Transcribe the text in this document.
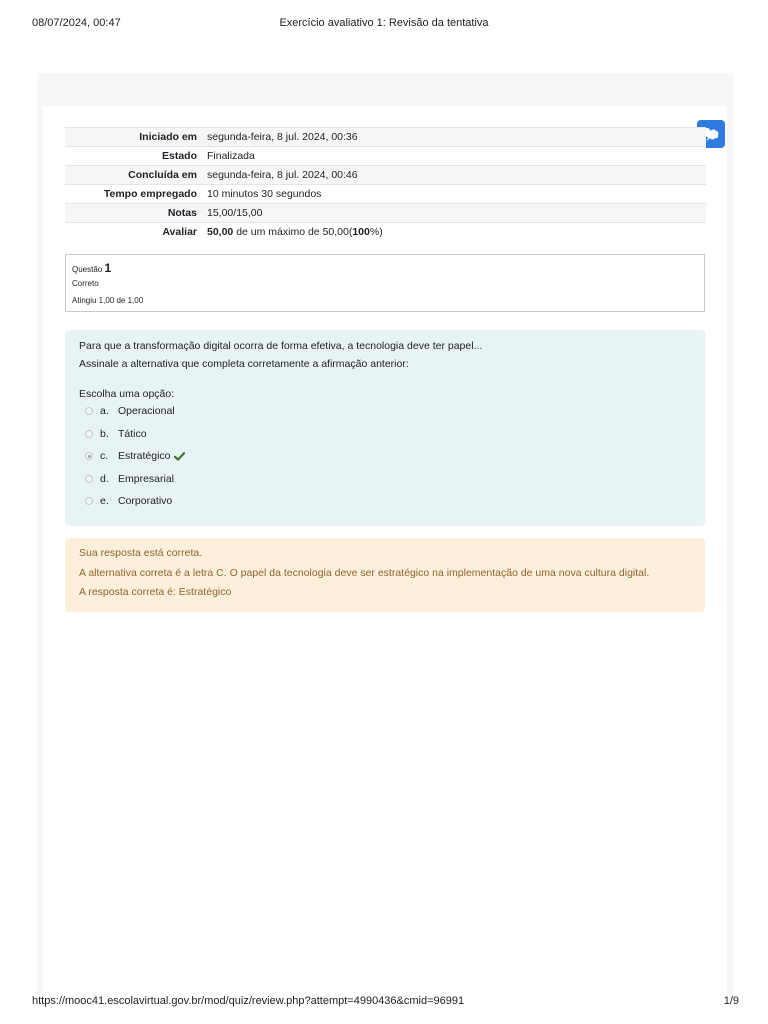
08/07/2024, 00:47	Exercício avaliativo 1: Revisão da tentativa
Iniciado em	segunda-feira, 8 jul. 2024, 00:36
Estado	Finalizada
Concluída em	segunda-feira, 8 jul. 2024, 00:46
Tempo empregado	10 minutos 30 segundos
Notas	15,00/15,00
Avaliar	50,00 de um máximo de 50,00(100%)
Questão 1
Correto
Atingiu 1,00 de 1,00
Para que a transformação digital ocorra de forma efetiva, a tecnologia deve ter papel...
Assinale a alternativa que completa corretamente a afirmação anterior:
Escolha uma opção:
a. Operacional
b. Tático
c. Estratégico
d. Empresarial
e. Corporativo
Sua resposta está correta.
A alternativa correta é a letra C. O papel da tecnologia deve ser estratégico na implementação de uma nova cultura digital.
A resposta correta é: Estratégico
https://mooc41.escolavirtual.gov.br/mod/quiz/review.php?attempt=4990436&cmid=96991	1/9
